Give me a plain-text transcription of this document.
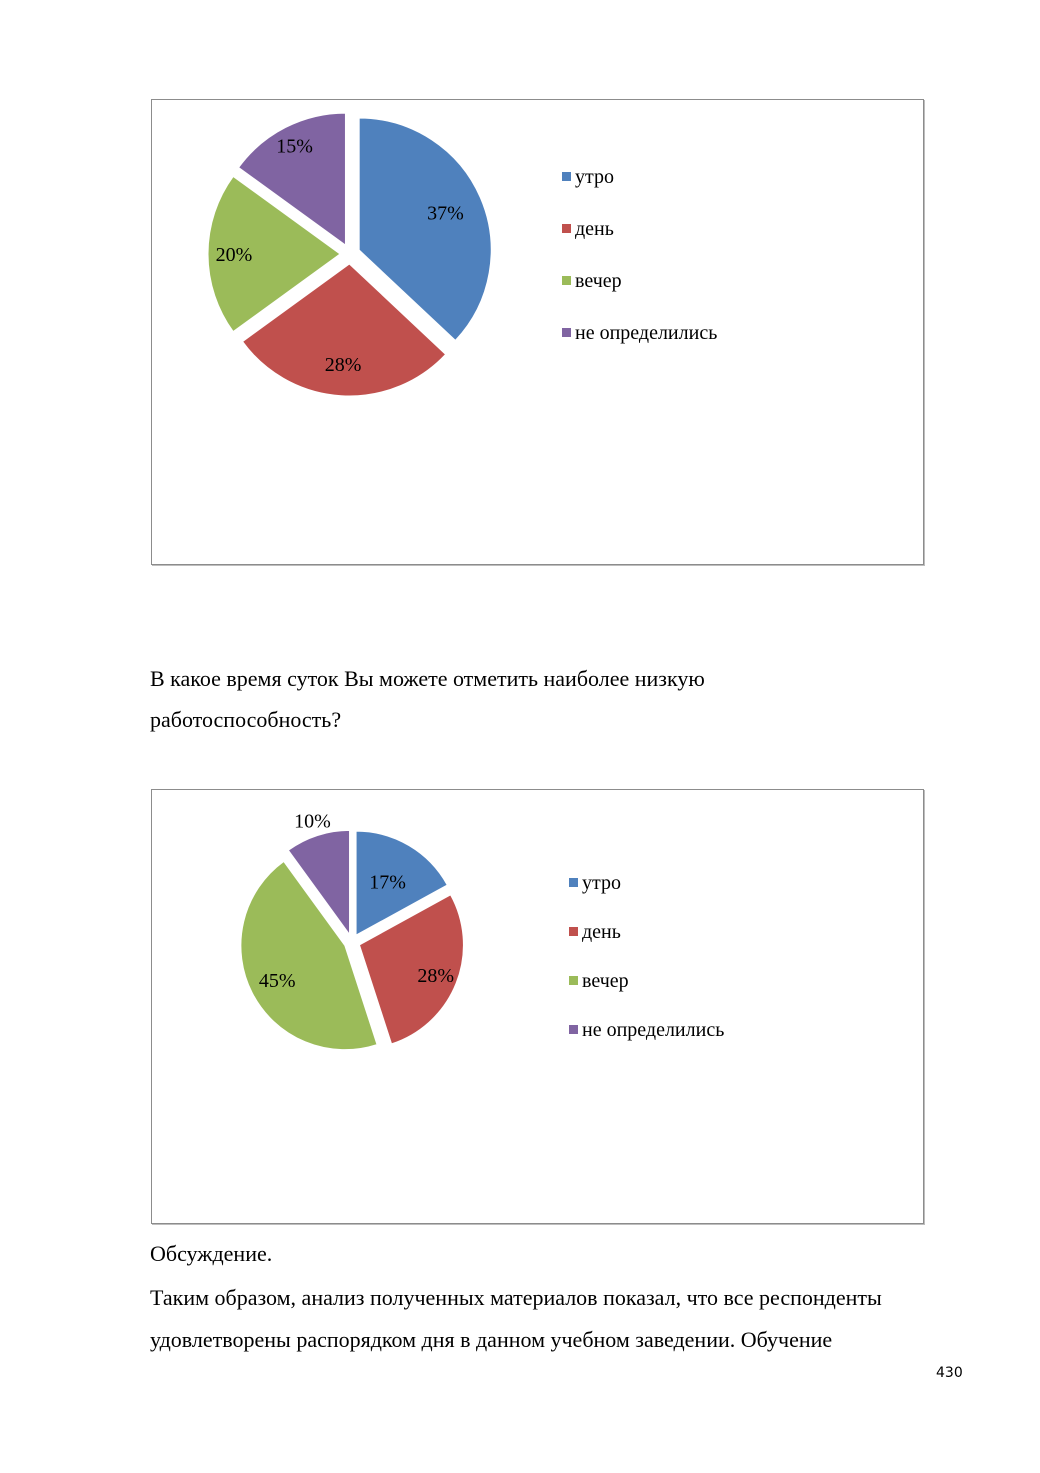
37%
28%
20%
15%
утро
день
вечер
не определились
В какое время суток Вы можете отметить наиболее низкую
работоспособность?
17%
28%
45%
10%
утро
день
вечер
не определились
Обсуждение.
Таким образом, анализ полученных материалов показал, что все респонденты
удовлетворены распорядком дня в данном учебном заведении. Обучение
430
